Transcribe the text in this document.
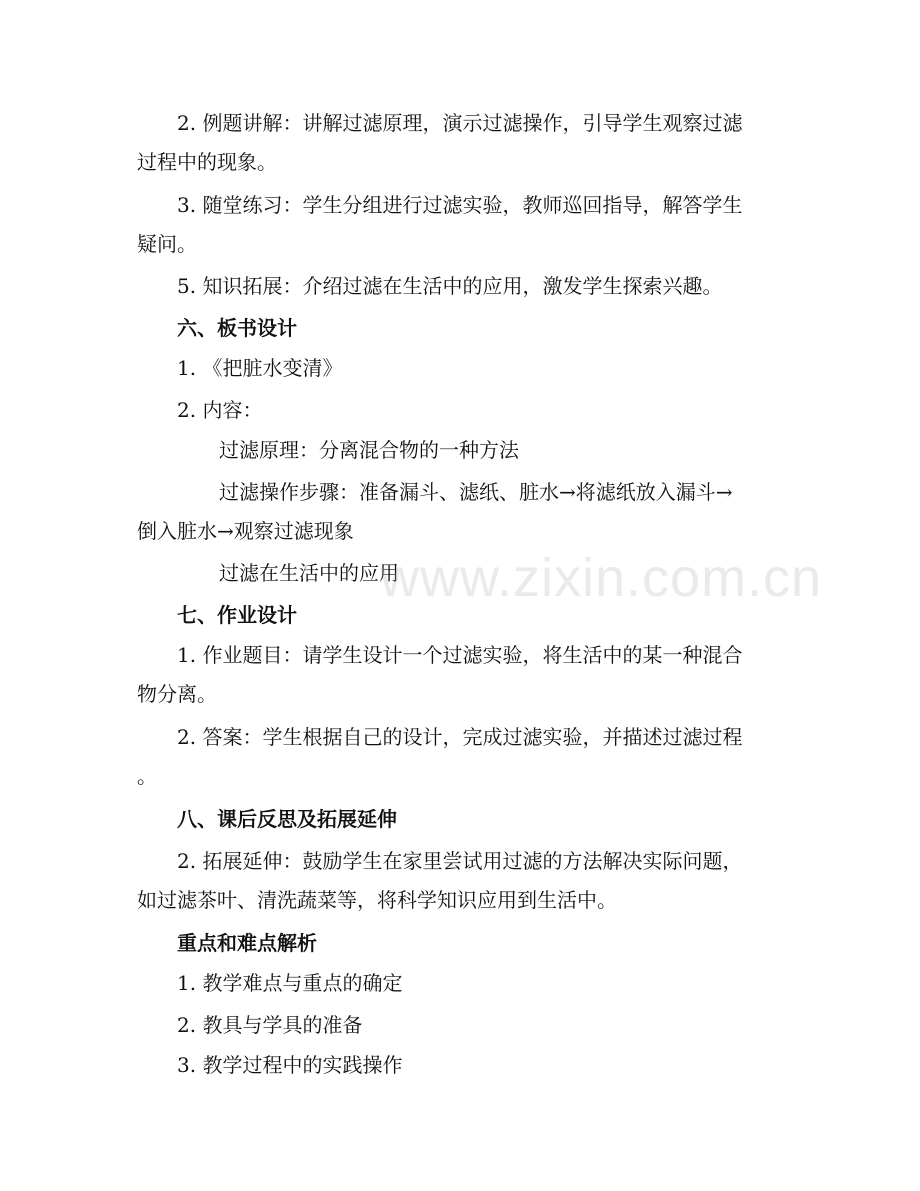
2. 例题讲解：讲解过滤原理，演示过滤操作，引导学生观察过滤
过程中的现象。
3. 随堂练习：学生分组进行过滤实验，教师巡回指导，解答学生
疑问。
5. 知识拓展：介绍过滤在生活中的应用，激发学生探索兴趣。
六、板书设计
1. 《把脏水变清》
2. 内容：
过滤原理：分离混合物的一种方法
过滤操作步骤：准备漏斗、滤纸、脏水→将滤纸放入漏斗→
倒入脏水→观察过滤现象
过滤在生活中的应用
七、作业设计
1. 作业题目：请学生设计一个过滤实验，将生活中的某一种混合
物分离。
2. 答案：学生根据自己的设计，完成过滤实验，并描述过滤过程
。
八、课后反思及拓展延伸
2. 拓展延伸：鼓励学生在家里尝试用过滤的方法解决实际问题，
如过滤茶叶、清洗蔬菜等，将科学知识应用到生活中。
重点和难点解析
1. 教学难点与重点的确定
2. 教具与学具的准备
3. 教学过程中的实践操作
www.zixin.com.cn
